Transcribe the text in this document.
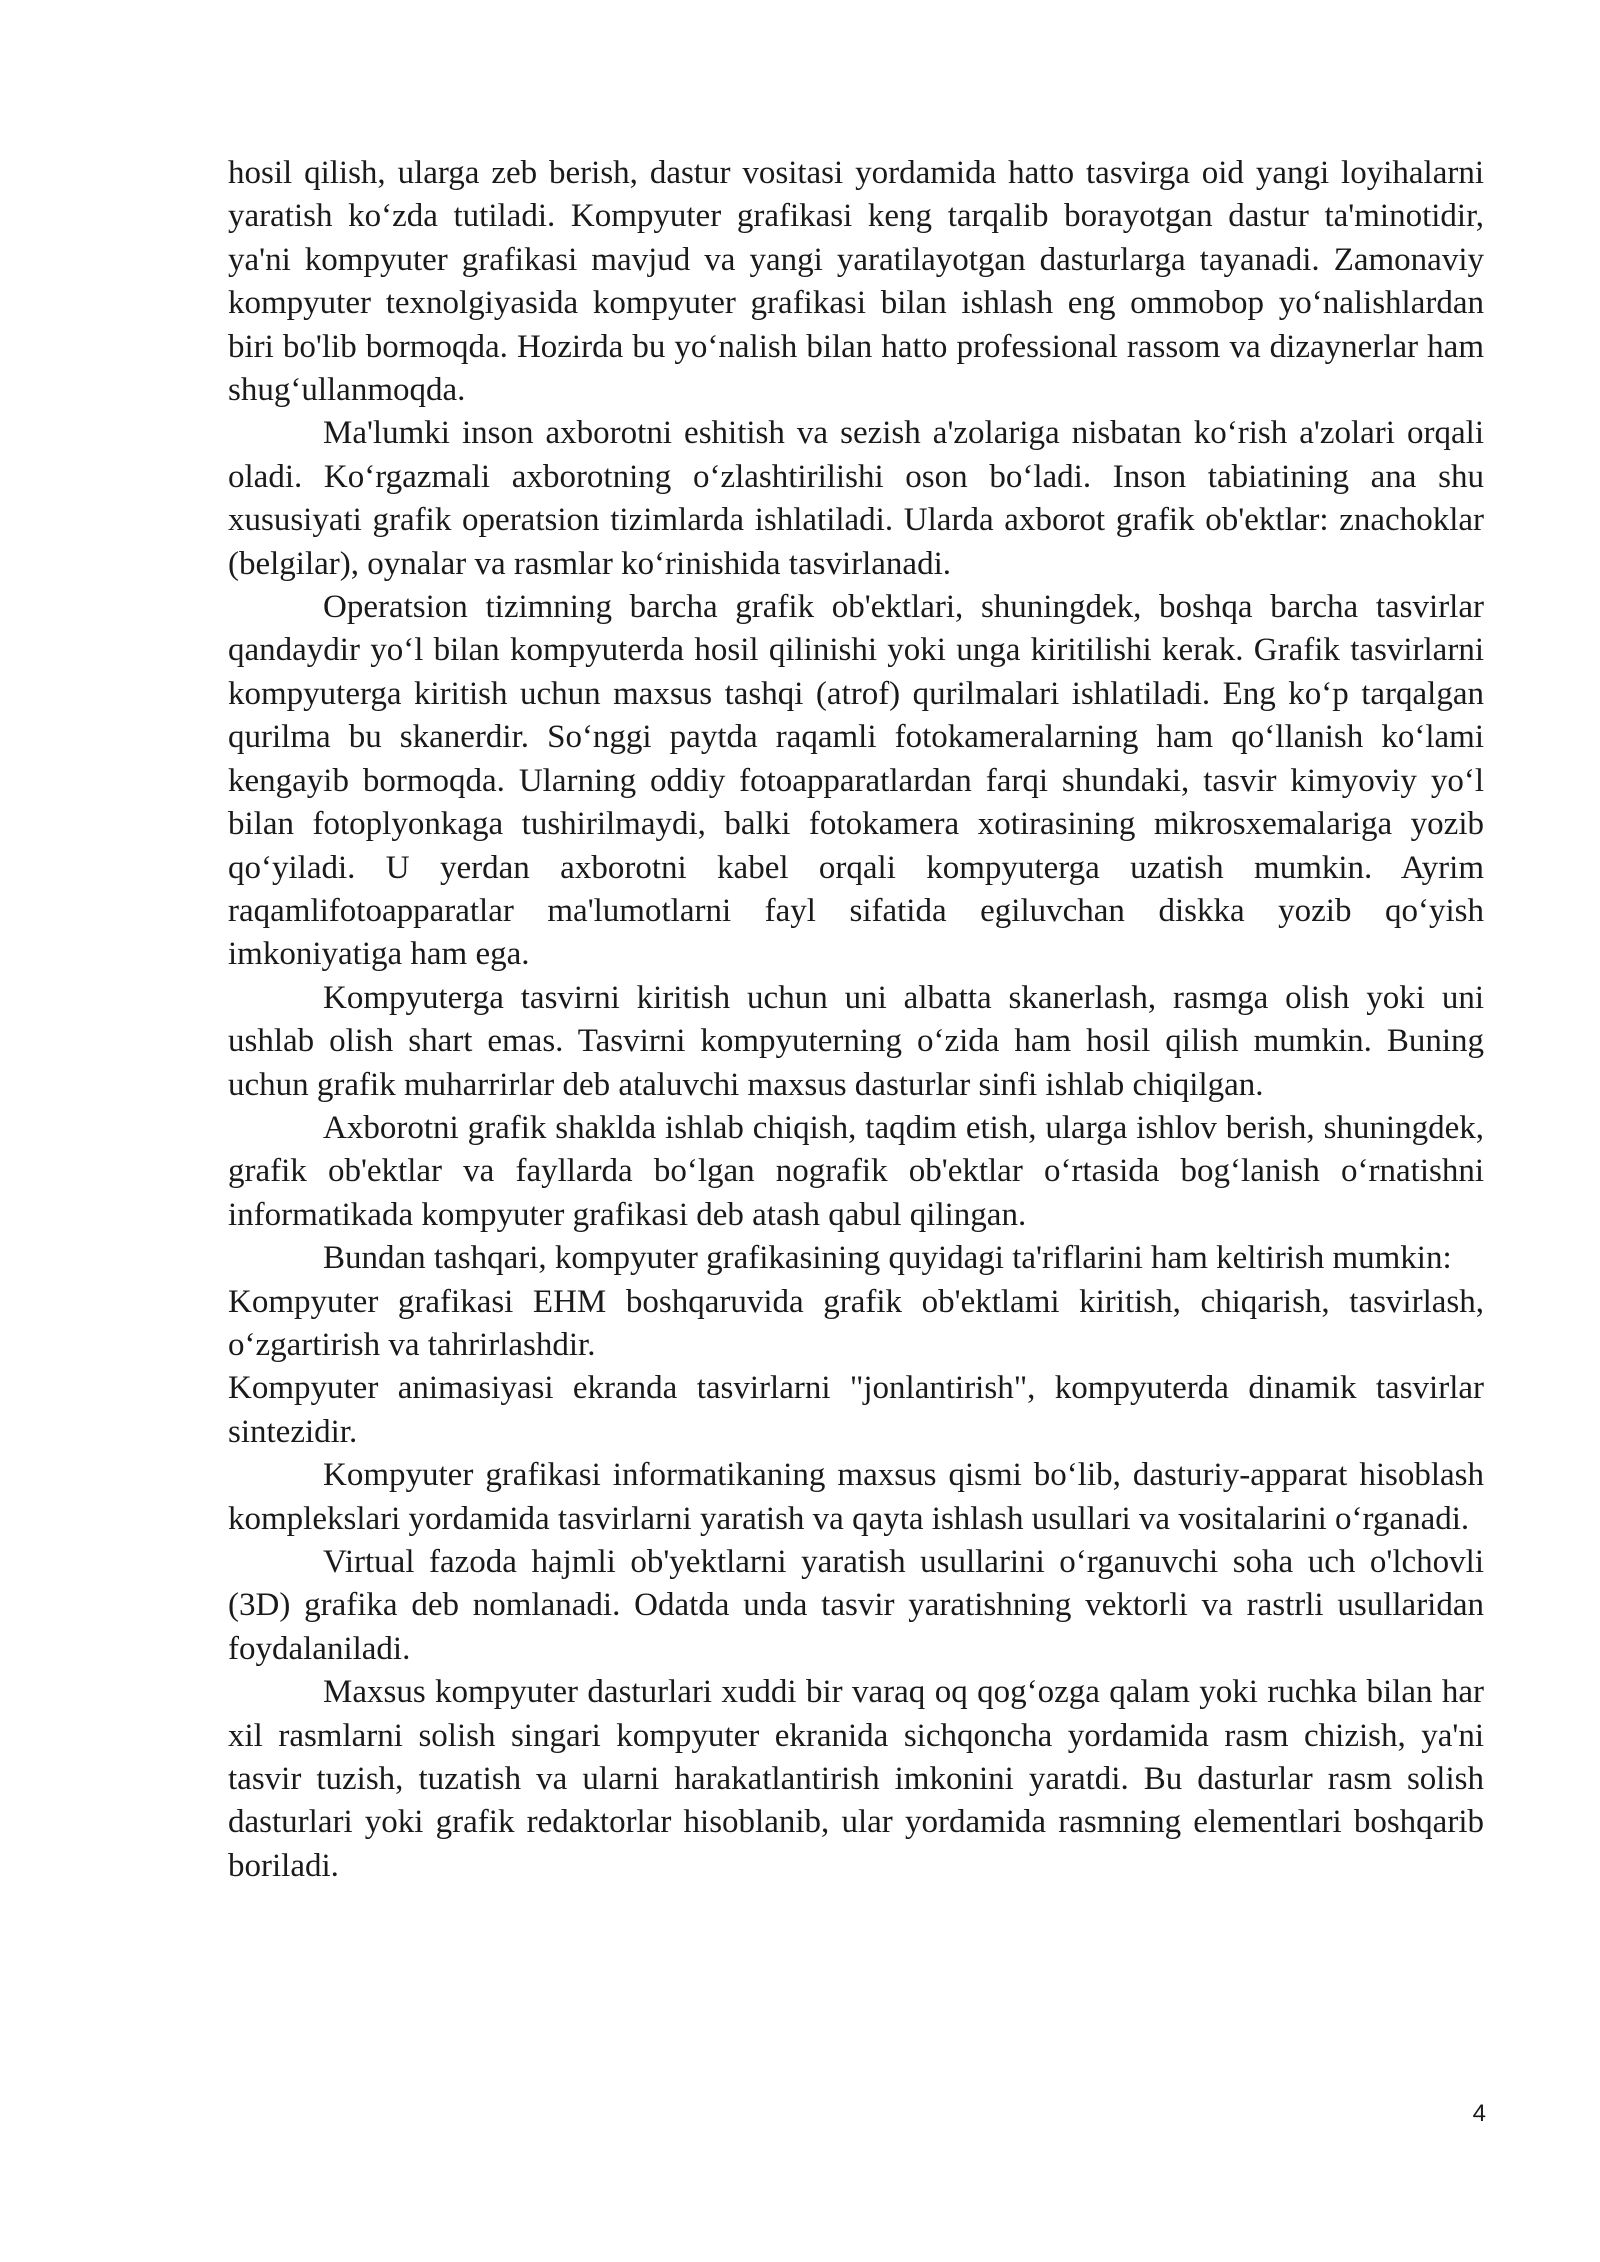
hosil qilish, ularga zeb berish, dastur vositasi yordamida hatto tasvirga oid yangi loyihalarni yaratish ko‘zda tutiladi. Kompyuter grafikasi keng tarqalib borayotgan dastur ta'minotidir, ya'ni kompyuter grafikasi mavjud va yangi yaratilayotgan dasturlarga tayanadi. Zamonaviy kompyuter texnolgiyasida kompyuter grafikasi bilan ishlash eng ommobop yo‘nalishlardan biri bo'lib bormoqda. Hozirda bu yo‘nalish bilan hatto professional rassom va dizaynerlar ham shug‘ullanmoqda.

Ma'lumki inson axborotni eshitish va sezish a'zolariga nisbatan ko‘rish a'zolari orqali oladi. Ko‘rgazmali axborotning o‘zlashtirilishi oson bo‘ladi. Inson tabiatining ana shu xususiyati grafik operatsion tizimlarda ishlatiladi. Ularda axborot grafik ob'ektlar: znachoklar (belgilar), oynalar va rasmlar ko‘rinishida tasvirlanadi.

Operatsion tizimning barcha grafik ob'ektlari, shuningdek, boshqa barcha tasvirlar qandaydir yo‘l bilan kompyuterda hosil qilinishi yoki unga kiritilishi kerak. Grafik tasvirlarni kompyuterga kiritish uchun maxsus tashqi (atrof) qurilmalari ishlatiladi. Eng ko‘p tarqalgan qurilma bu skanerdir. So‘nggi paytda raqamli fotokameralarning ham qo‘llanish ko‘lami kengayib bormoqda. Ularning oddiy fotoapparatlardan farqi shundaki, tasvir kimyoviy yo‘l bilan fotoplyonkaga tushirilmaydi, balki fotokamera xotirasining mikrosxemalariga yozib qo‘yiladi. U yerdan axborotni kabel orqali kompyuterga uzatish mumkin. Ayrim raqamlifotoapparatlar ma'lumotlarni fayl sifatida egiluvchan diskka yozib qo‘yish imkoniyatiga ham ega.

Kompyuterga tasvirni kiritish uchun uni albatta skanerlash, rasmga olish yoki uni ushlab olish shart emas. Tasvirni kompyuterning o‘zida ham hosil qilish mumkin. Buning uchun grafik muharrirlar deb ataluvchi maxsus dasturlar sinfi ishlab chiqilgan.

Axborotni grafik shaklda ishlab chiqish, taqdim etish, ularga ishlov berish, shuningdek, grafik ob'ektlar va fayllarda bo‘lgan nografik ob'ektlar o‘rtasida bog‘lanish o‘rnatishni informatikada kompyuter grafikasi deb atash qabul qilingan.

Bundan tashqari, kompyuter grafikasining quyidagi ta'riflarini ham keltirish mumkin:

Kompyuter grafikasi EHM boshqaruvida grafik ob'ektlami kiritish, chiqarish, tasvirlash, o‘zgartirish va tahrirlashdir.

Kompyuter animasiyasi ekranda tasvirlarni "jonlantirish", kompyuterda dinamik tasvirlar sintezidir.

Kompyuter grafikasi informatikaning maxsus qismi bo‘lib, dasturiy-apparat hisoblash komplekslari yordamida tasvirlarni yaratish va qayta ishlash usullari va vositalarini o‘rganadi.

Virtual fazoda hajmli ob'yektlarni yaratish usullarini o‘rganuvchi soha uch o'lchovli (3D) grafika deb nomlanadi. Odatda unda tasvir yaratishning vektorli va rastrli usullaridan foydalaniladi.

Maxsus kompyuter dasturlari xuddi bir varaq oq qog‘ozga qalam yoki ruchka bilan har xil rasmlarni solish singari kompyuter ekranida sichqoncha yordamida rasm chizish, ya'ni tasvir tuzish, tuzatish va ularni harakatlantirish imkonini yaratdi. Bu dasturlar rasm solish dasturlari yoki grafik redaktorlar hisoblanib, ular yordamida rasmning elementlari boshqarib boriladi.

4
